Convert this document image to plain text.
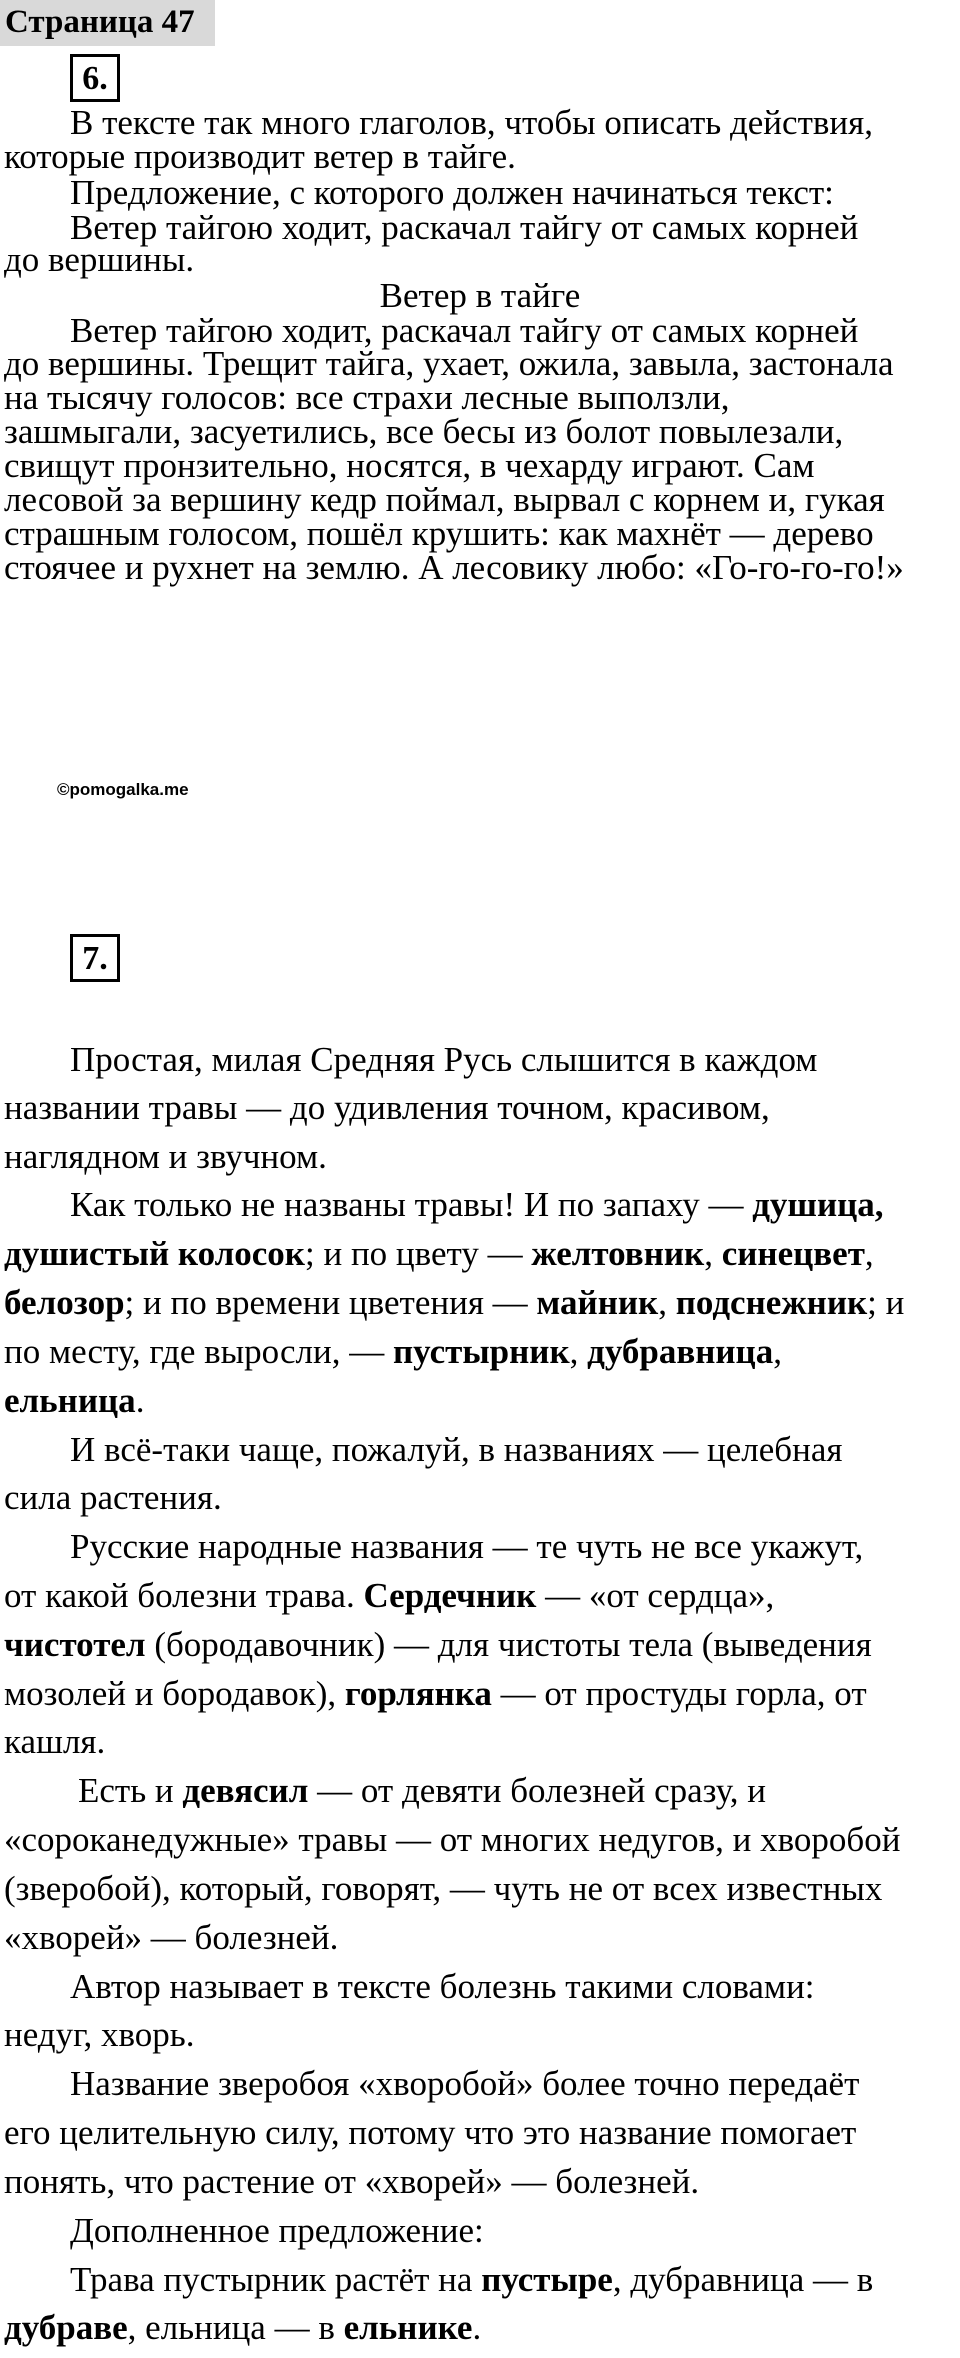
Страница 47
6.
В тексте так много глаголов, чтобы описать действия,
которые производит ветер в тайге.
Предложение, с которого должен начинаться текст:
Ветер тайгою ходит, раскачал тайгу от самых корней
до вершины.
Ветер в тайге
Ветер тайгою ходит, раскачал тайгу от самых корней
до вершины. Трещит тайга, ухает, ожила, завыла, застонала
на тысячу голосов: все страхи лесные выползли,
зашмыгали, засуетились, все бесы из болот повылезали,
свищут пронзительно, носятся, в чехарду играют. Сам
лесовой за вершину кедр поймал, вырвал с корнем и, гукая
страшным голосом, пошёл крушить: как махнёт — дерево
стоячее и рухнет на землю. А лесовику любо: «Го-го-го-го!»
©pomogalka.me
7.
Простая, милая Средняя Русь слышится в каждом
названии травы — до удивления точном, красивом,
наглядном и звучном.
Как только не названы травы! И по запаху — душица,
душистый колосок; и по цвету — желтовник, синецвет,
белозор; и по времени цветения — майник, подснежник; и
по месту, где выросли, — пустырник, дубравница,
ельница.
И всё-таки чаще, пожалуй, в названиях — целебная
сила растения.
Русские народные названия — те чуть не все укажут,
от какой болезни трава. Сердечник — «от сердца»,
чистотел (бородавочник) — для чистоты тела (выведения
мозолей и бородавок), горлянка — от простуды горла, от
кашля.
Есть и девясил — от девяти болезней сразу, и
«сороканедужные» травы — от многих недугов, и хворобой
(зверобой), который, говорят, — чуть не от всех известных
«хворей» — болезней.
Автор называет в тексте болезнь такими словами:
недуг, хворь.
Название зверобоя «хворобой» более точно передаёт
его целительную силу, потому что это название помогает
понять, что растение от «хворей» — болезней.
Дополненное предложение:
Трава пустырник растёт на пустыре, дубравница — в
дубраве, ельница — в ельнике.
